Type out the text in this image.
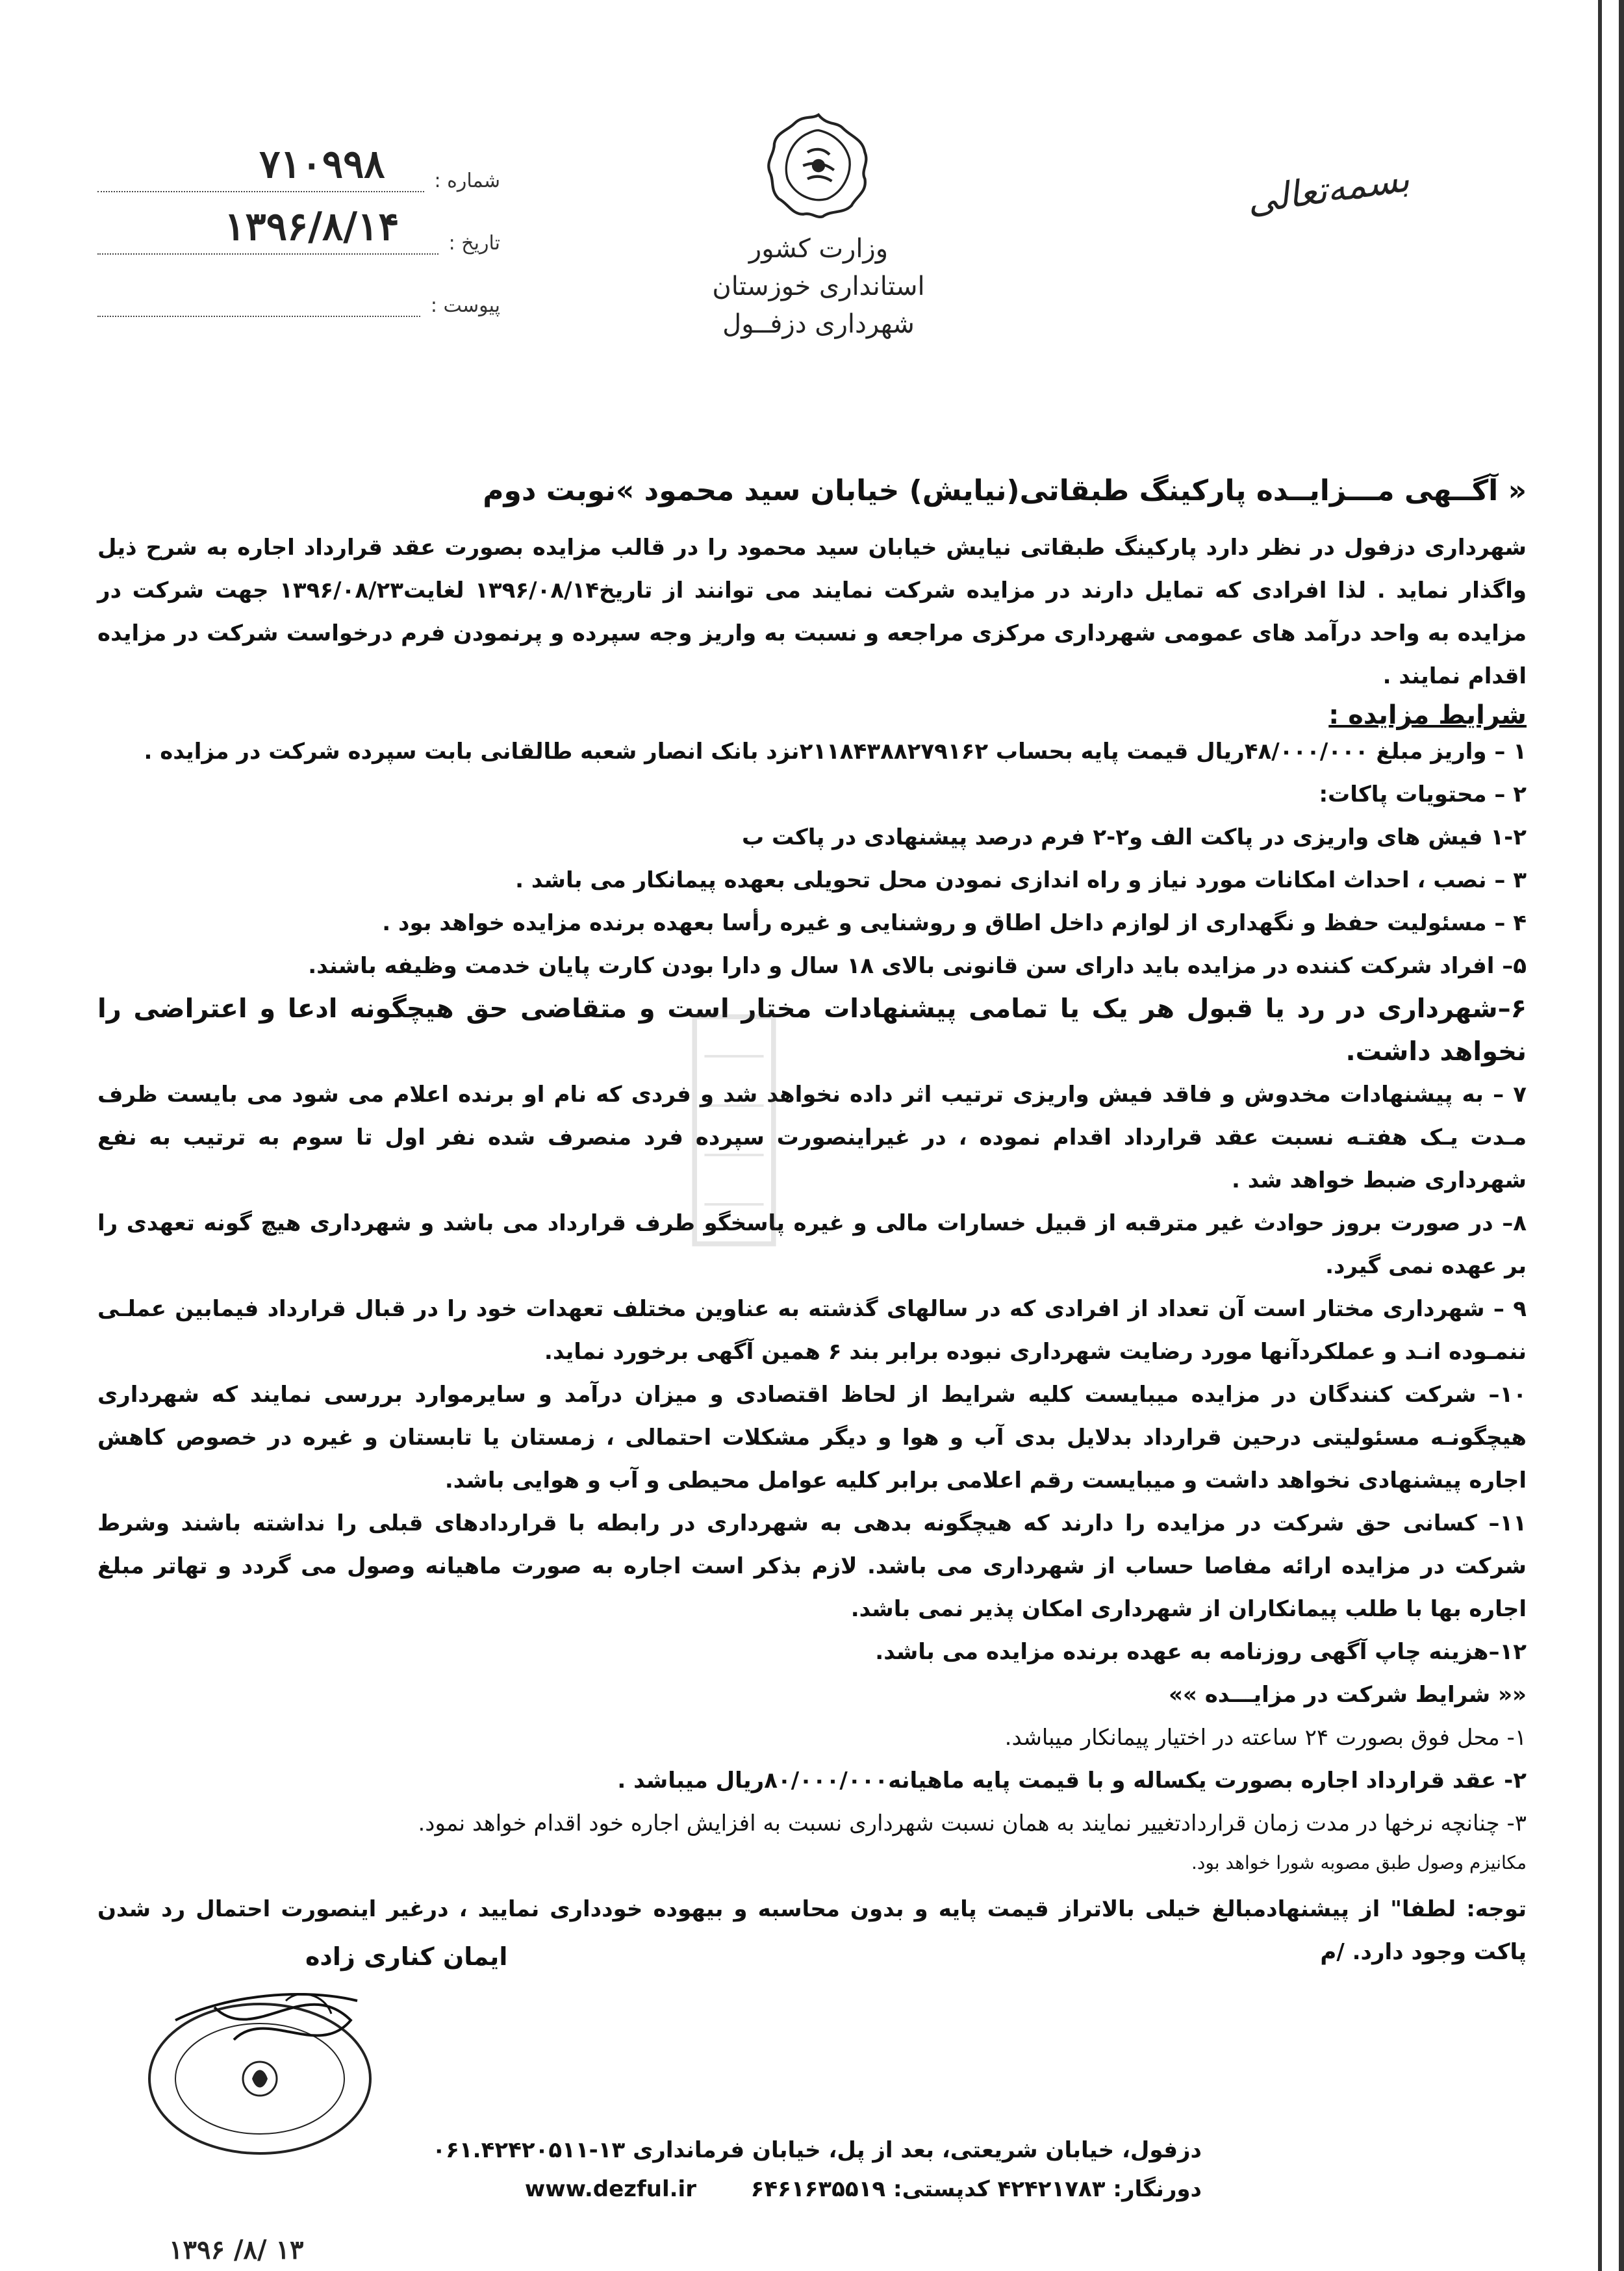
شماره :
۷۱۰۹۹۸
تاریخ :
۱۳۹۶/۸/۱۴
پیوست :
وزارت کشور
استانداری خوزستان
شهرداری دزفــول
بسمه‌تعالی
« آگــهی مـــزایــده پارکینگ طبقاتی(نیایش) خیابان سید محمود »نوبت دوم
شهرداری دزفول در نظر دارد پارکینگ طبقاتی نیایش خیابان سید محمود را در قالب مزایده بصورت عقد قرارداد اجاره به شرح ذیل واگذار نماید . لذا افرادی که تمایل دارند در مزایده شرکت نمایند می توانند از تاریخ۱۳۹۶/۰۸/۱۴ لغایت۱۳۹۶/۰۸/۲۳ جهت شرکت در مزایده به واحد درآمد های عمومی شهرداری مرکزی مراجعه و نسبت به واریز وجه سپرده و پرنمودن فرم درخواست شرکت در مزایده اقدام نمایند .
شرایط مزایده :
۱ – واریز مبلغ ۴۸/۰۰۰/۰۰۰ریال قیمت پایه بحساب ۲۱۱۸۴۳۸۸۲۷۹۱۶۲نزد بانک انصار شعبه طالقانی بابت سپرده شرکت در مزایده .
۲ – محتویات پاکات:
۱-۲ فیش های واریزی در پاکت الف و۲-۲ فرم درصد پیشنهادی در پاکت ب
۳ – نصب ، احداث امکانات مورد نیاز و راه اندازی نمودن محل تحویلی بعهده پیمانکار می باشد .
۴ – مسئولیت حفظ و نگهداری از لوازم داخل اطاق و روشنایی و غیره رأسا بعهده برنده مزایده خواهد بود .
۵– افراد شرکت کننده در مزایده باید دارای سن قانونی بالای ۱۸ سال و دارا بودن کارت پایان خدمت وظیفه باشند.
۶–شهرداری در رد یا قبول هر یک یا تمامی پیشنهادات مختار است و متقاضی حق هیچگونه ادعا و اعتراضی را نخواهد داشت.
۷ – به پیشنهادات مخدوش و فاقد فیش واریزی ترتیب اثر داده نخواهد شد و فردی که نام او برنده اعلام می شود می بایست ظرف مـدت یـک هفتـه نسبت عقد قرارداد اقدام نموده ، در غیراینصورت سپرده فرد منصرف شده نفر اول تا سوم به ترتیب به نفع شهرداری ضبط خواهد شد .
۸– در صورت بروز حوادث غیر مترقبه از قبیل خسارات مالی و غیره پاسخگو طرف قرارداد می باشد و شهرداری هیچ گونه تعهدی را بر عهده نمی گیرد.
۹ – شهرداری مختار است آن تعداد از افرادی که در سالهای گذشته به عناوین مختلف تعهدات خود را در قبال قرارداد فیمابین عملـی ننمـوده انـد و عملکردآنها مورد رضایت شهرداری نبوده برابر بند ۶ همین آگهی برخورد نماید.
۱۰– شرکت کنندگان در مزایده میبایست کلیه شرایط از لحاظ اقتصادی و میزان درآمد و سایرموارد بررسی نمایند که شهرداری هیچگونـه مسئولیتی درحین قرارداد بدلایل بدی آب و هوا و دیگر مشکلات احتمالی ، زمستان یا تابستان و غیره در خصوص کاهش اجاره پیشنهادی نخواهد داشت و میبایست رقم اعلامی برابر کلیه عوامل محیطی و آب و هوایی باشد.
۱۱– کسانی حق شرکت در مزایده را دارند که هیچگونه بدهی به شهرداری در رابطه با قراردادهای قبلی را نداشته باشند وشرط شرکت در مزایده ارائه مفاصا حساب از شهرداری می باشد. لازم بذکر است اجاره به صورت ماهیانه وصول می گردد و تهاتر مبلغ اجاره بها با طلب پیمانکاران از شهرداری امکان پذیر نمی باشد.
۱۲–هزینه چاپ آگهی روزنامه به عهده برنده مزایده می باشد.
«« شرایط شرکت در مزایـــده »»
۱- محل فوق بصورت ۲۴ ساعته در اختیار پیمانکار میباشد.
۲- عقد قرارداد اجاره بصورت یکساله و با قیمت پایه ماهیانه۸۰/۰۰۰/۰۰۰ریال میباشد .
۳- چنانچه نرخها در مدت زمان قراردادتغییر نمایند به همان نسبت شهرداری نسبت به افزایش اجاره خود اقدام خواهد نمود.
مکانیزم وصول طبق مصوبه شورا خواهد بود.
توجه: لطفا" از پیشنهادمبالغ خیلی بالاتراز قیمت پایه و بدون محاسبه و بیهوده خودداری نمایید ، درغیر اینصورت احتمال رد شدن پاکت وجود دارد. /م
ایمان کناری زاده
دزفول، خیابان شریعتی، بعد از پل، خیابان فرمانداری ۱۳-۰۶۱.۴۲۴۲۰۵۱۱
دورنگار: ۴۲۴۲۱۷۸۳ کدپستی: ۶۴۶۱۶۳۵۵۱۹  www.dezful.ir
۱۳۹۶ /۸/ ۱۳
